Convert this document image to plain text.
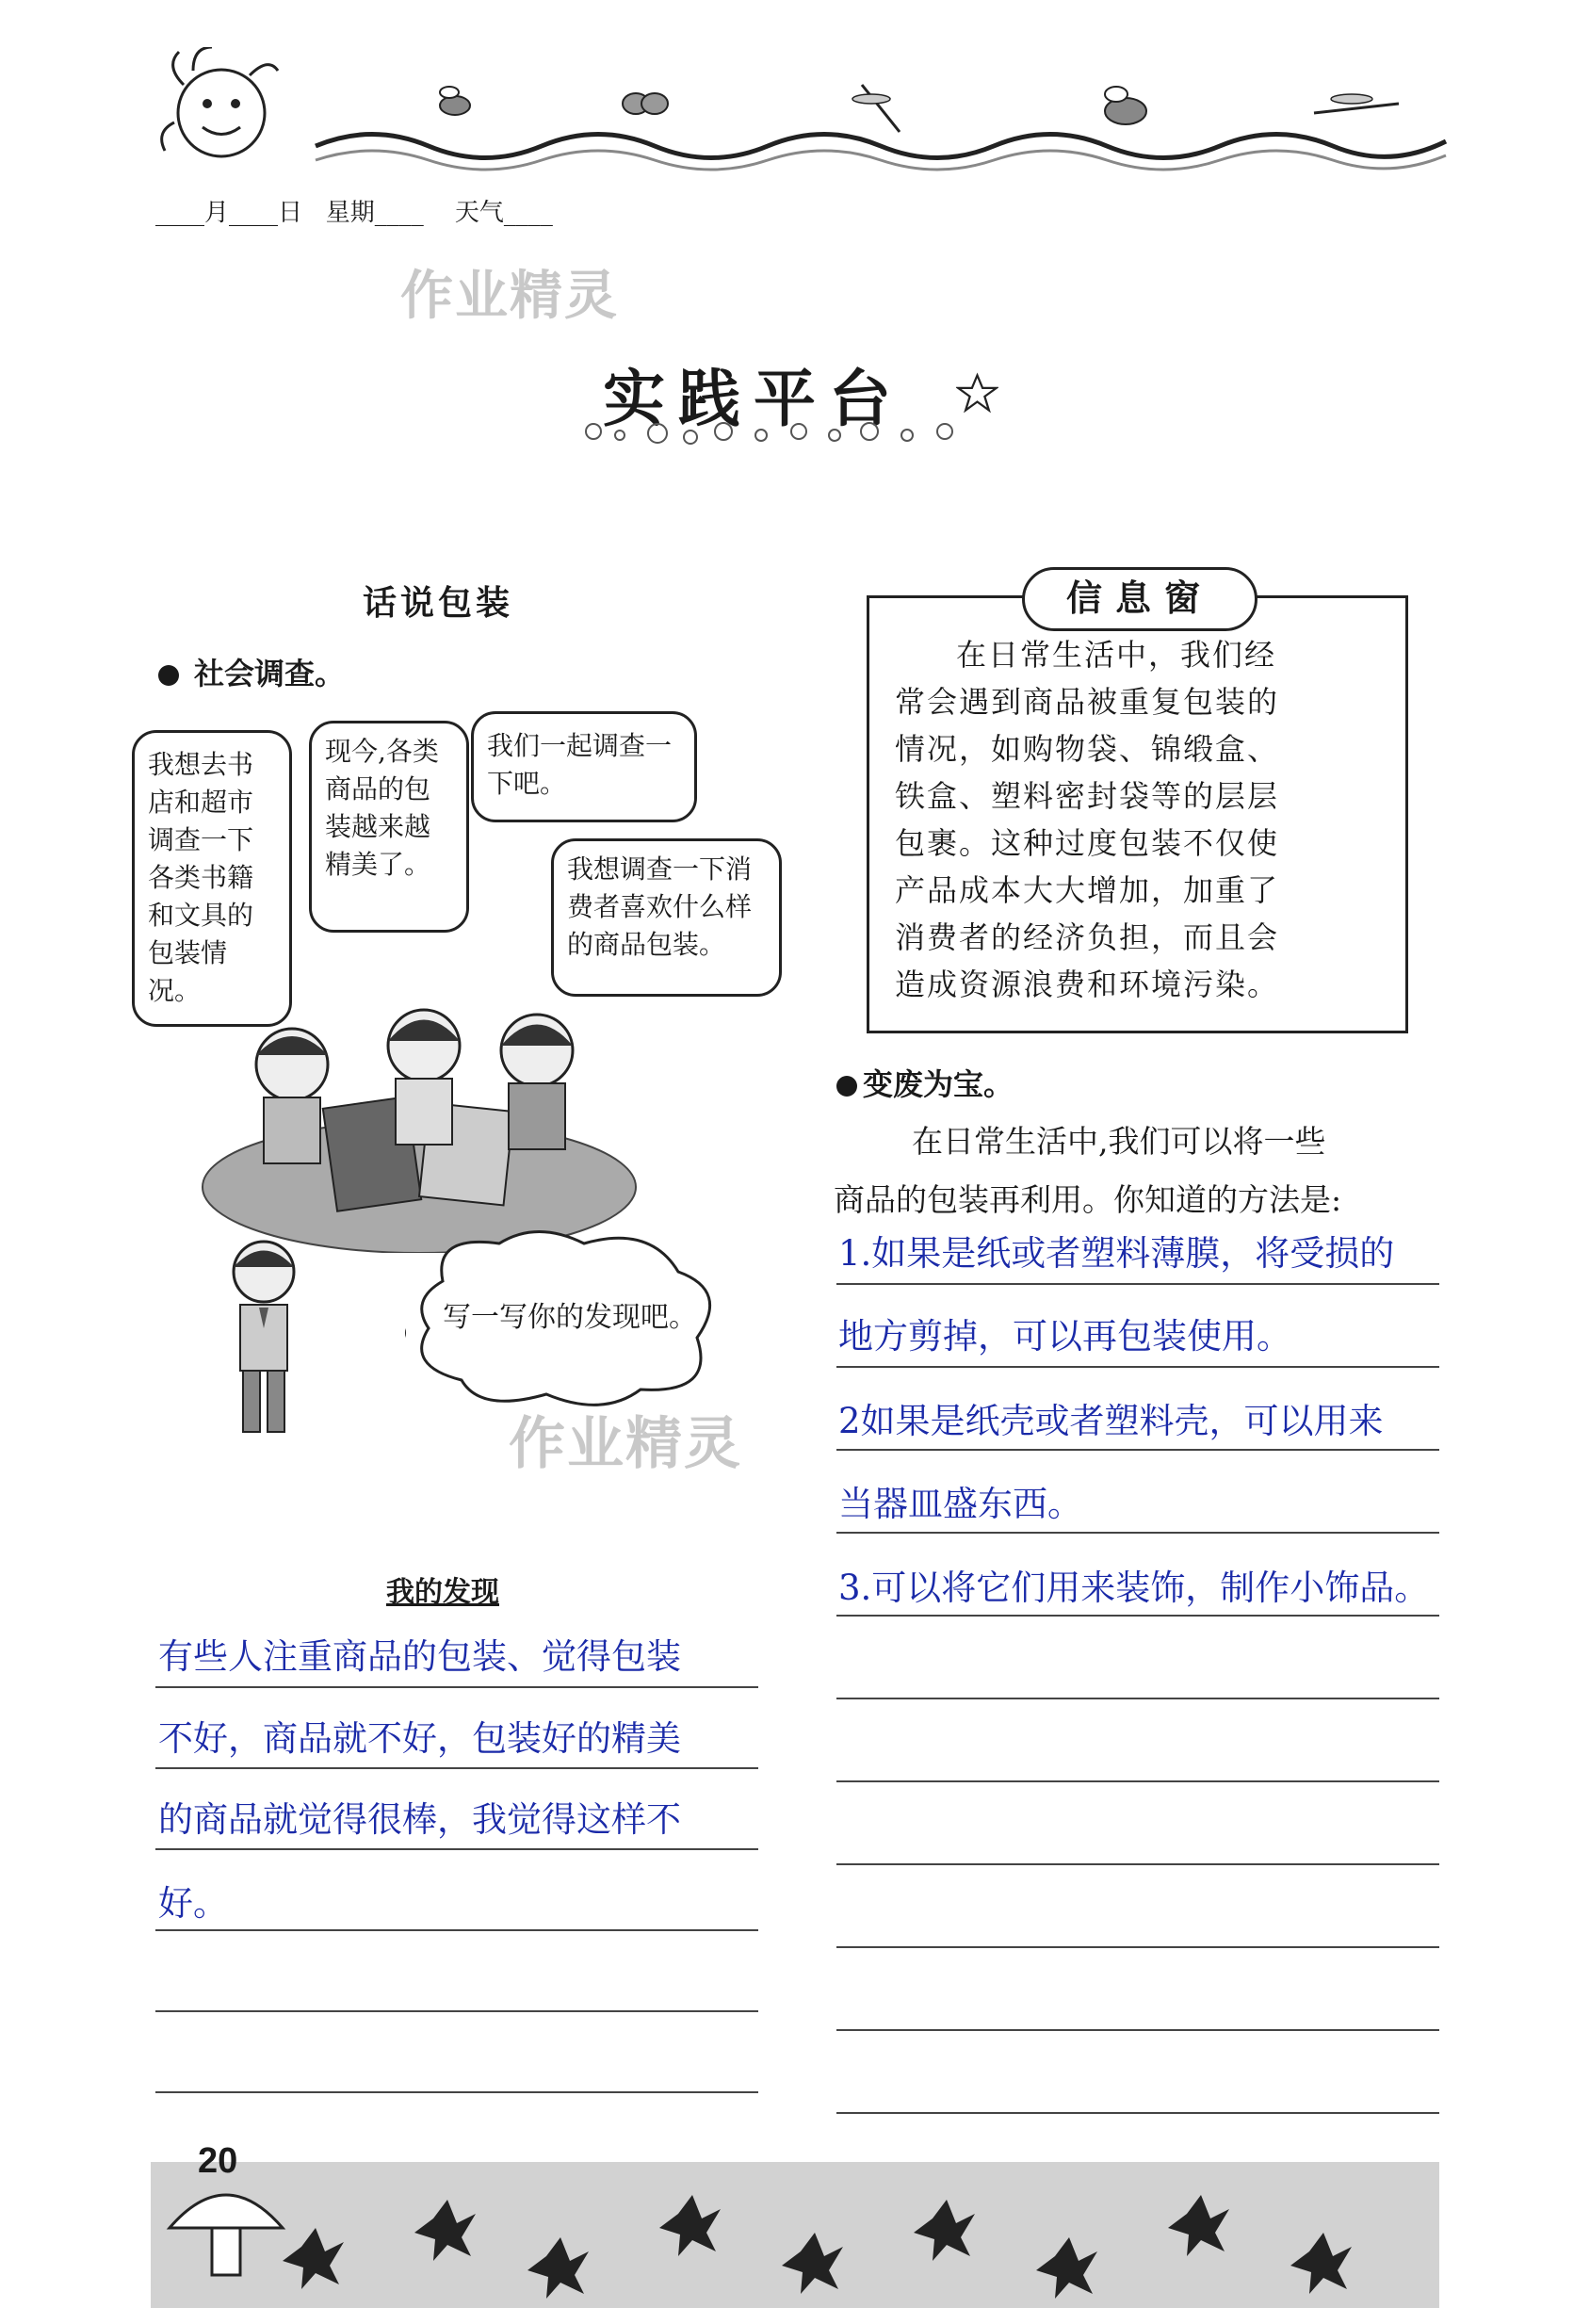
____月____日   星期____    天气____
作业精灵
实践平台
话说包装
社会调查。
我想去书店和超市调查一下各类书籍和文具的包装情况。
现今,各类商品的包装越来越精美了。
我们一起调查一下吧。
我想调查一下消费者喜欢什么样的商品包装。
写一写你的发现吧。
作业精灵
我的发现
有些人注重商品的包装、觉得包装
不好，商品就不好，包装好的精美
的商品就觉得很棒，我觉得这样不
好。
信息窗
在日常生活中，我们经
常会遇到商品被重复包装的
情况，如购物袋、锦缎盒、
铁盒、塑料密封袋等的层层
包裹。这种过度包装不仅使
产品成本大大增加，加重了
消费者的经济负担，而且会
造成资源浪费和环境污染。
变废为宝。
在日常生活中,我们可以将一些
商品的包装再利用。你知道的方法是:
1.如果是纸或者塑料薄膜，将受损的
地方剪掉，可以再包装使用。
2如果是纸壳或者塑料壳，可以用来
当器皿盛东西。
3.可以将它们用来装饰，制作小饰品。
20
